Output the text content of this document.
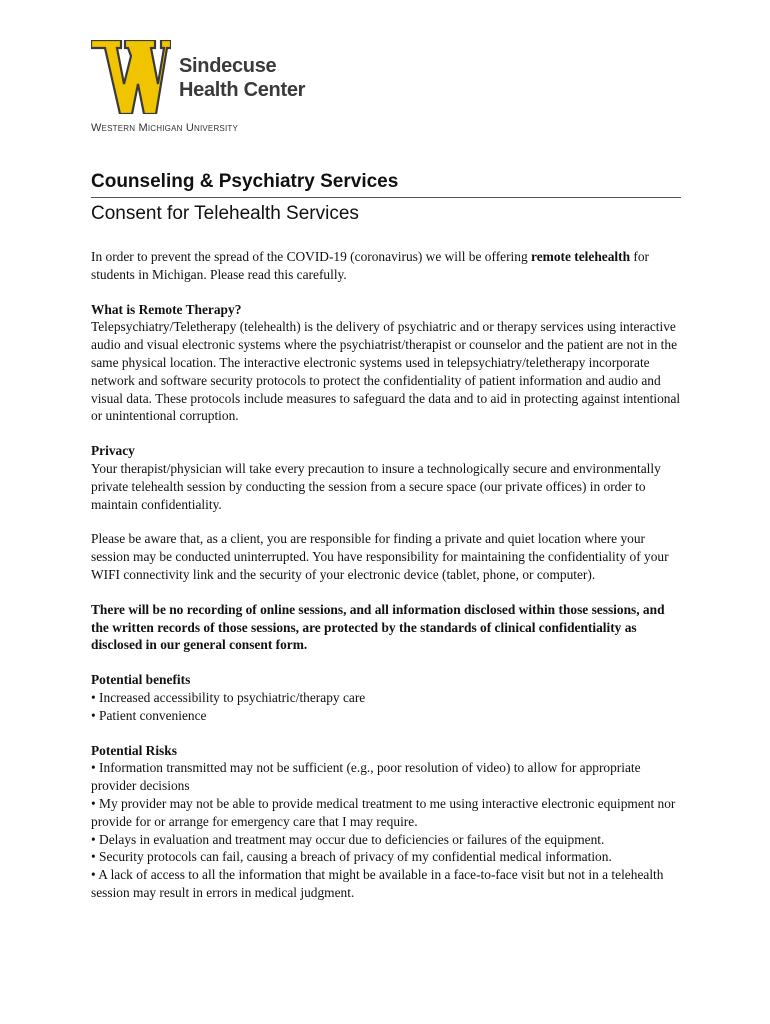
Sindecuse
Health Center
Western Michigan University
Counseling & Psychiatry Services
Consent for Telehealth Services

In order to prevent the spread of the COVID-19 (coronavirus) we will be offering remote telehealth for students in Michigan. Please read this carefully.

What is Remote Therapy?

Telepsychiatry/Teletherapy (telehealth) is the delivery of psychiatric and or therapy services using interactive audio and visual electronic systems where the psychiatrist/therapist or counselor and the patient are not in the same physical location. The interactive electronic systems used in telepsychiatry/teletherapy incorporate network and software security protocols to protect the confidentiality of patient information and audio and visual data. These protocols include measures to safeguard the data and to aid in protecting against intentional or unintentional corruption.

Privacy

Your therapist/physician will take every precaution to insure a technologically secure and environmentally private telehealth session by conducting the session from a secure space (our private offices) in order to maintain confidentiality.

Please be aware that, as a client, you are responsible for finding a private and quiet location where your session may be conducted uninterrupted. You have responsibility for maintaining the confidentiality of your WIFI connectivity link and the security of your electronic device (tablet, phone, or computer).

There will be no recording of online sessions, and all information disclosed within those sessions, and the written records of those sessions, are protected by the standards of clinical confidentiality as disclosed in our general consent form.

Potential benefits
• Increased accessibility to psychiatric/therapy care
• Patient convenience
Potential Risks
• Information transmitted may not be sufficient (e.g., poor resolution of video) to allow for appropriate provider decisions
• My provider may not be able to provide medical treatment to me using interactive electronic equipment nor provide for or arrange for emergency care that I may require.
• Delays in evaluation and treatment may occur due to deficiencies or failures of the equipment.
• Security protocols can fail, causing a breach of privacy of my confidential medical information.
• A lack of access to all the information that might be available in a face-to-face visit but not in a telehealth session may result in errors in medical judgment.
